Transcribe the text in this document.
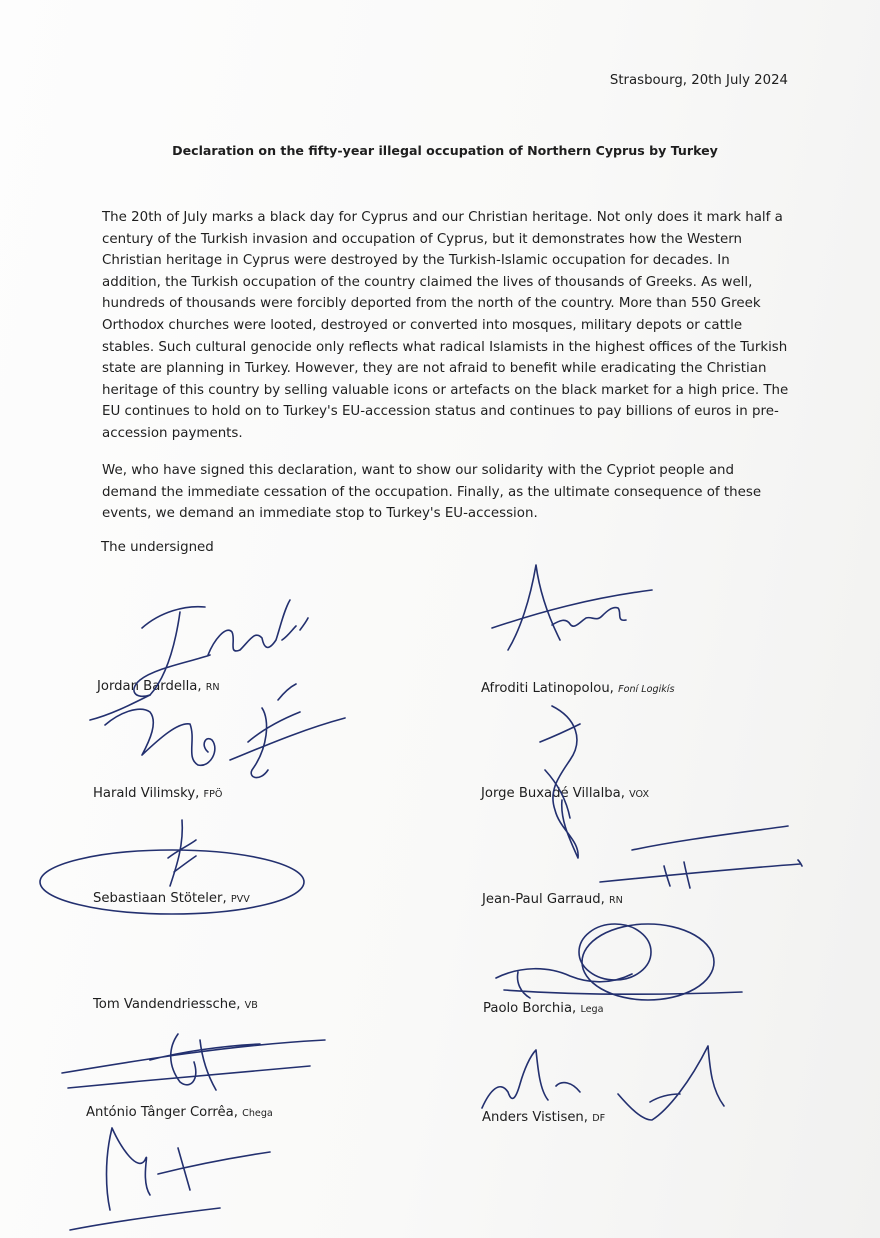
Strasbourg, 20th July 2024
Declaration on the fifty-year illegal occupation of Northern Cyprus by Turkey

The 20th of July marks a black day for Cyprus and our Christian heritage. Not only does it mark half a century of the Turkish invasion and occupation of Cyprus, but it demonstrates how the Western Christian heritage in Cyprus were destroyed by the Turkish-Islamic occupation for decades. In addition, the Turkish occupation of the country claimed the lives of thousands of Greeks. As well, hundreds of thousands were forcibly deported from the north of the country. More than 550 Greek Orthodox churches were looted, destroyed or converted into mosques, military depots or cattle stables. Such cultural genocide only reflects what radical Islamists in the highest offices of the Turkish state are planning in Turkey. However, they are not afraid to benefit while eradicating the Christian heritage of this country by selling valuable icons or artefacts on the black market for a high price. The EU continues to hold on to Turkey's EU-accession status and continues to pay billions of euros in pre-accession payments.

We, who have signed this declaration, want to show our solidarity with the Cypriot people and demand the immediate cessation of the occupation. Finally, as the ultimate consequence of these events, we demand an immediate stop to Turkey's EU-accession.

The undersigned
Jordan Bardella, RN
Harald Vilimsky, FPÖ
Sebastiaan Stöteler, PVV
Tom Vandendriessche, VB
António Tânger Corrêa, Chega
Afroditi Latinopolou, Foní Logikís
Jorge Buxadé Villalba, VOX
Jean-Paul Garraud, RN
Paolo Borchia, Lega
Anders Vistisen, DF
